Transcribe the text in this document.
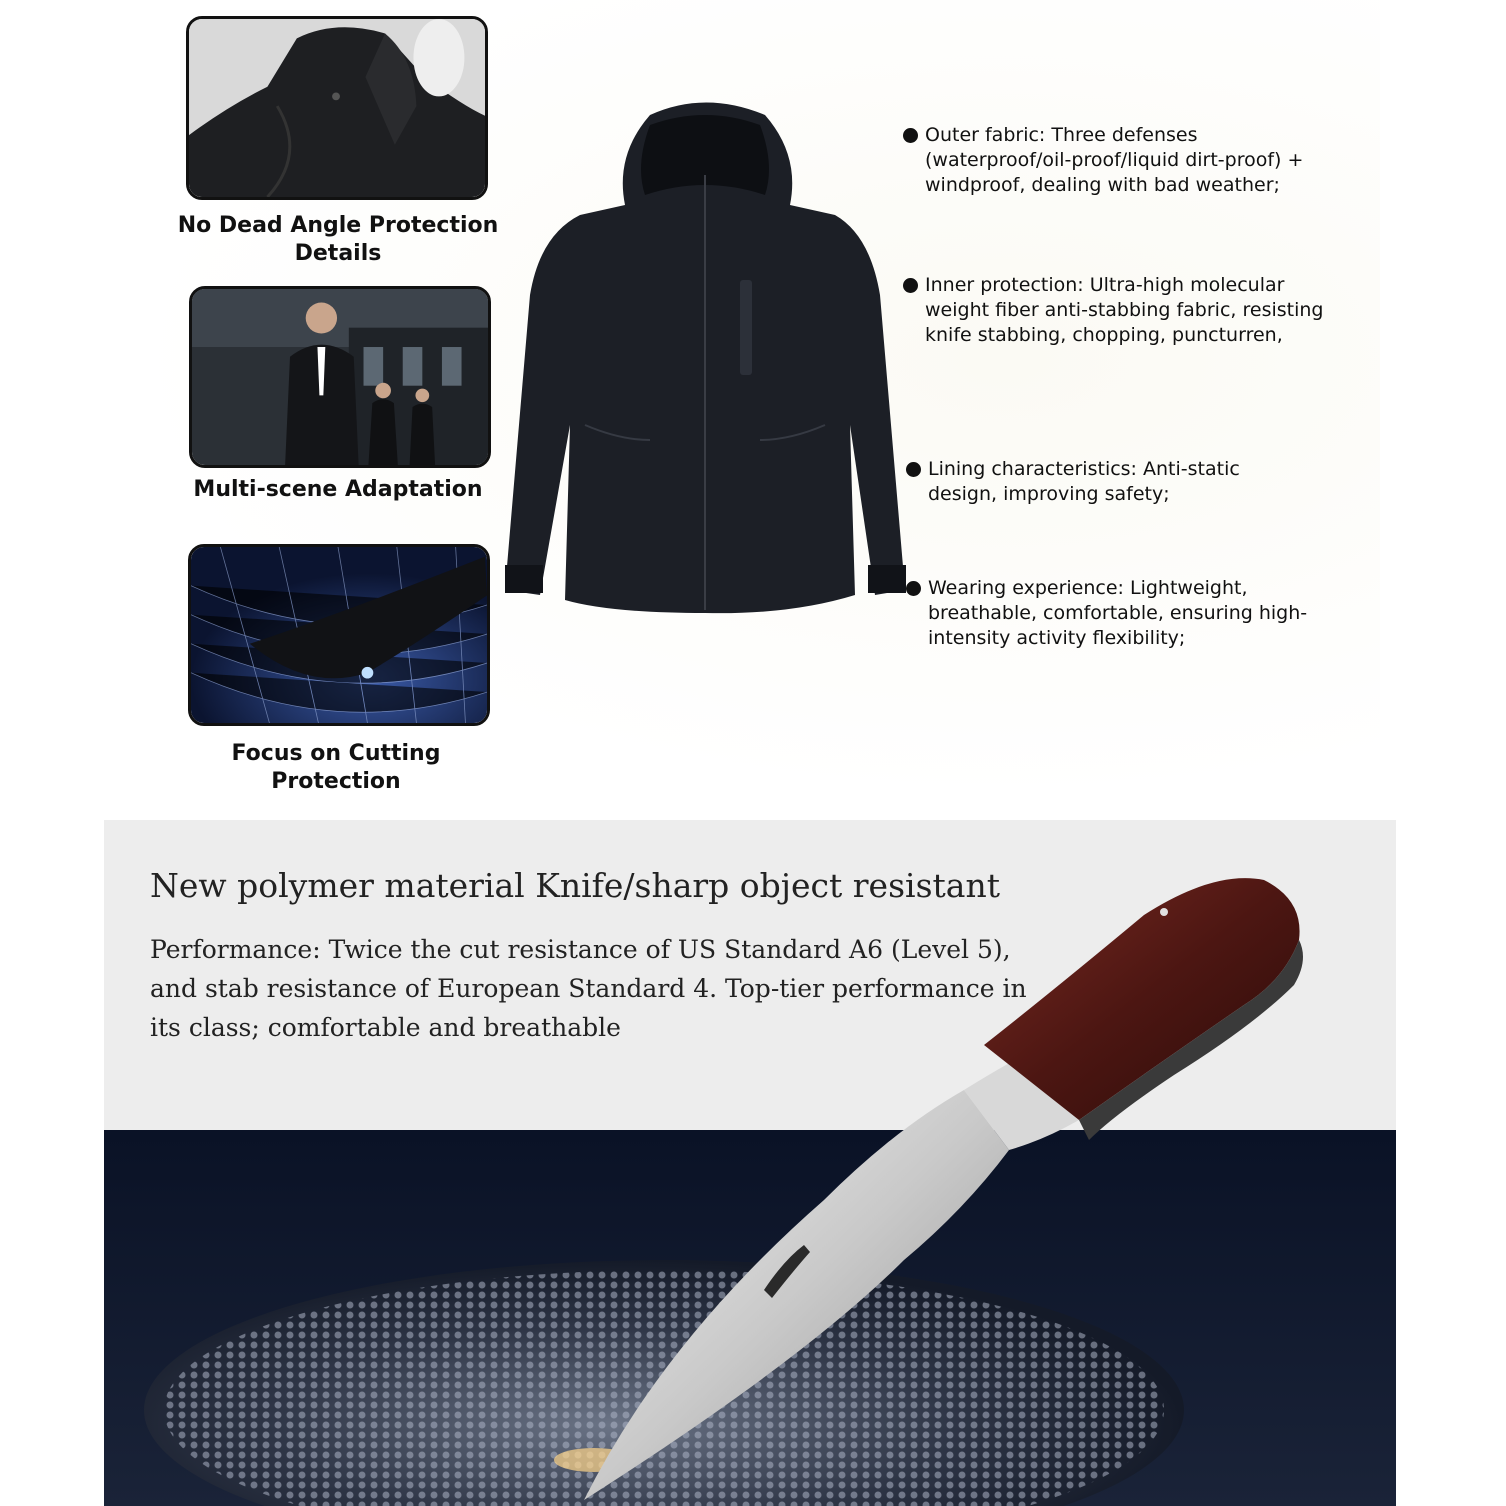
No Dead Angle Protection Details
Multi-scene Adaptation
Focus on Cutting Protection
Outer fabric: Three defenses (waterproof/oil-proof/liquid dirt-proof) + windproof, dealing with bad weather;
Inner protection: Ultra-high molecular weight fiber anti-stabbing fabric, resisting knife stabbing, chopping, puncturren,
Lining characteristics: Anti-static design, improving safety;
Wearing experience: Lightweight, breathable, comfortable, ensuring high-intensity activity flexibility;
New polymer material Knife/sharp object resistant
Performance: Twice the cut resistance of US Standard A6 (Level 5), and stab resistance of European Standard 4. Top-tier performance in its class; comfortable and breathable
